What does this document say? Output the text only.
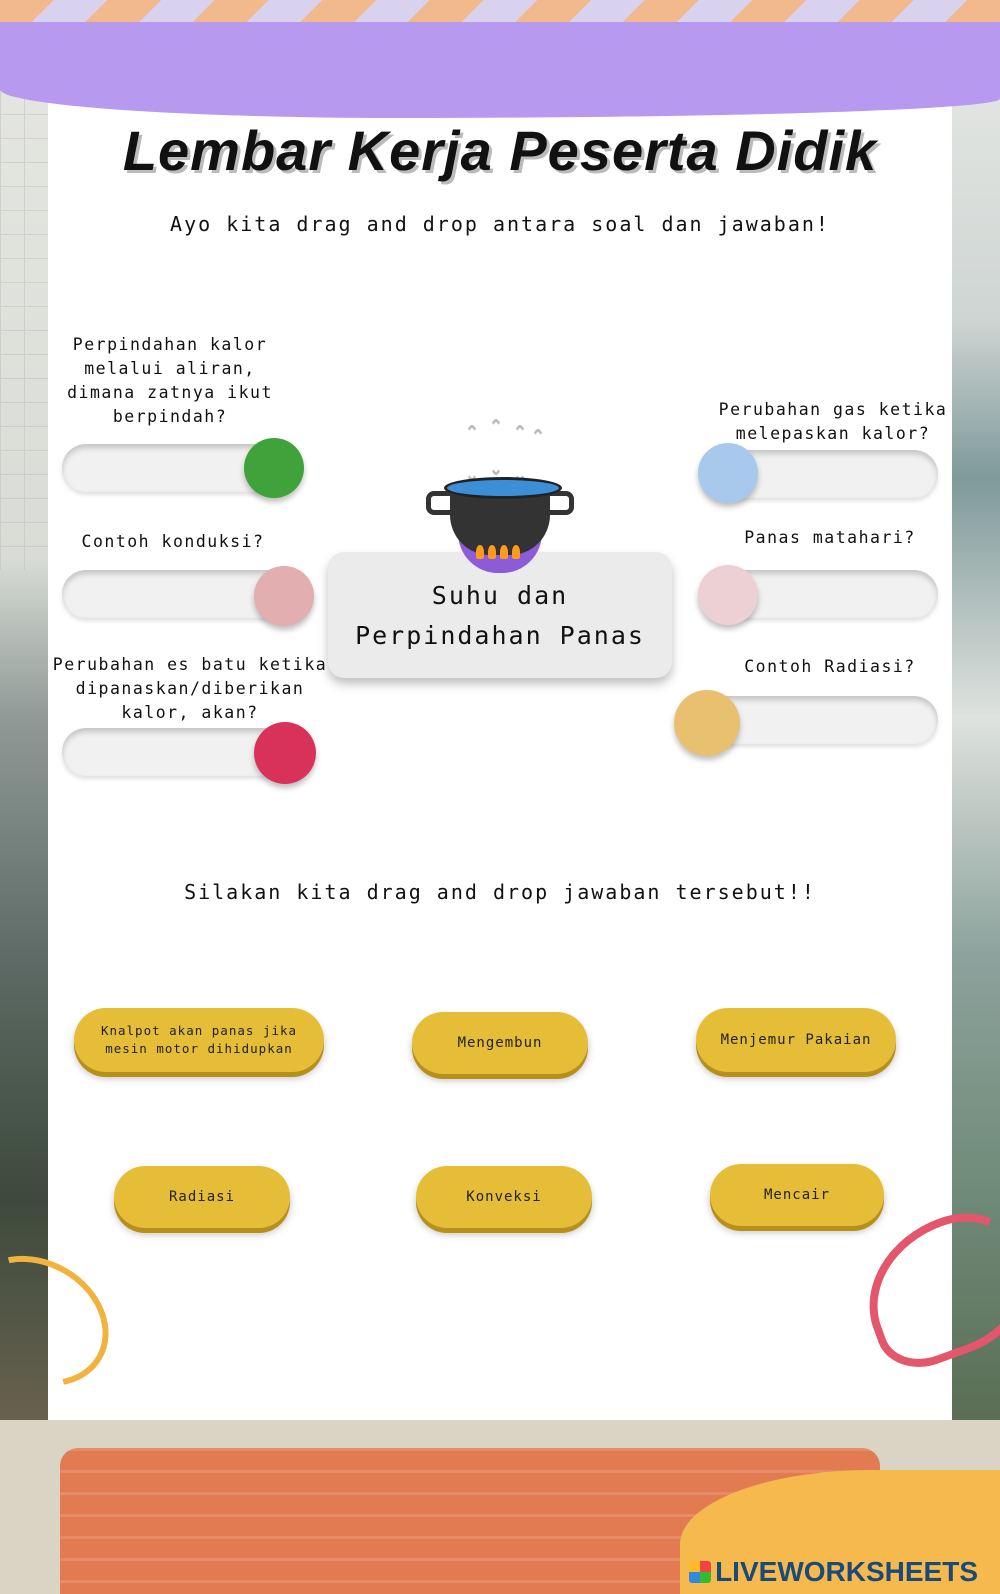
Lembar Kerja Peserta Didik
Ayo kita drag and drop antara soal dan jawaban!
Perpindahan kalor
melalui aliran,
dimana zatnya ikut
berpindah?
Contoh konduksi?
Perubahan es batu ketika
dipanaskan/diberikan
kalor, akan?
Perubahan gas ketika
melepaskan kalor?
Panas matahari?
Contoh Radiasi?
Suhu dan
Perpindahan Panas
Silakan kita drag and drop jawaban tersebut!!
Knalpot akan panas jika
mesin motor dihidupkan	Mengembun	Menjemur Pakaian
Radiasi	Konveksi	Mencair
LIVEWORKSHEETS
